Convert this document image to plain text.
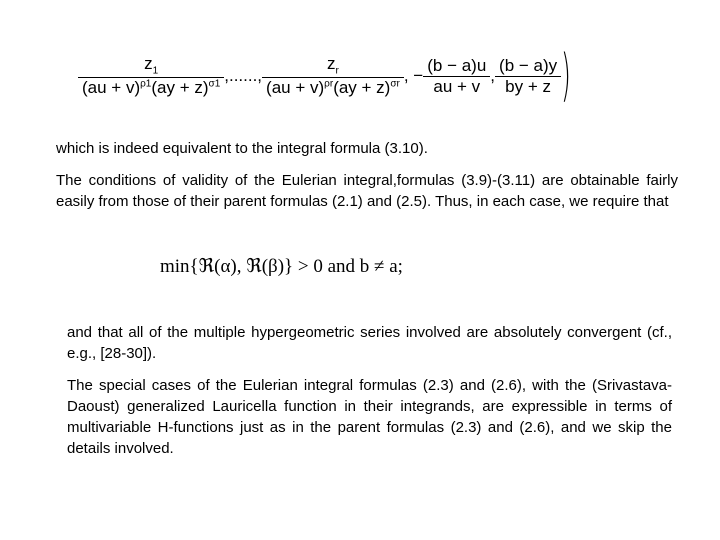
$\frac{z_1}{(au + v)^{\rho 1}(ay + z)^{\sigma 1}}$ ,......, $\frac{z_r}{(au + v)^{\rho r}(ay + z)^{\sigma r}}$ , − $\frac{(b - a)u}{au + v}$ , $\frac{(b - a)y}{by + z}$ )

which is indeed equivalent to the integral formula (3.10).

The conditions of validity of the Eulerian integral,formulas (3.9)-(3.11) are obtainable fairly easily from those of their parent formulas (2.1) and (2.5). Thus, in each case, we require that

min{ℜ(α), ℜ(β)} > 0 and b ≠ a;

and that all of the multiple hypergeometric series involved are absolutely convergent (cf., e.g., [28-30]).

The special cases of the Eulerian integral formulas (2.3) and (2.6), with the (Srivastava-Daoust) generalized Lauricella function in their integrands, are expressible in terms of multivariable H-functions just as in the parent formulas (2.3) and (2.6), and we skip the details involved.
